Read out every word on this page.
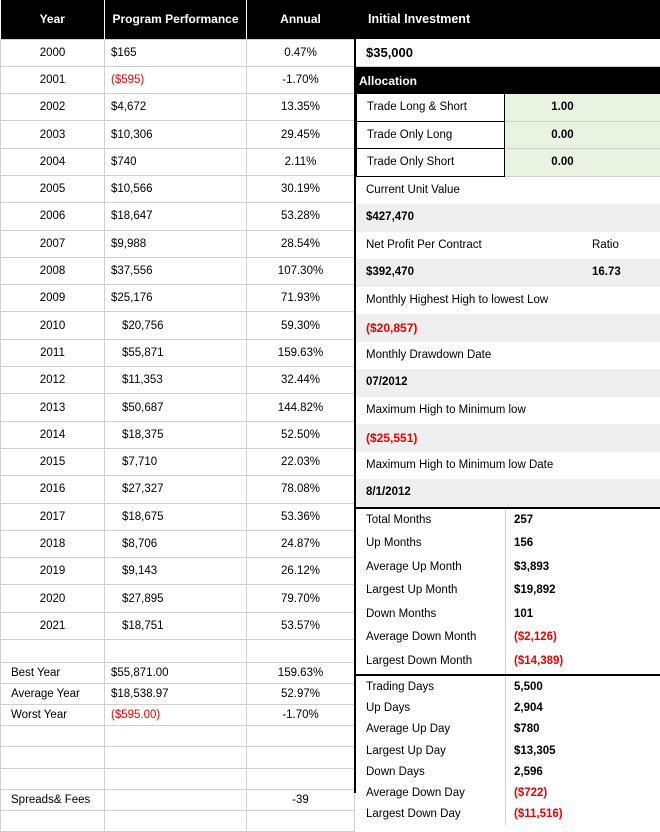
Year	Program Performance	Annual
2000	$165	0.47%
2001	($595)	-1.70%
2002	$4,672	13.35%
2003	$10,306	29.45%
2004	$740	2.11%
2005	$10,566	30.19%
2006	$18,647	53.28%
2007	$9,988	28.54%
2008	$37,556	107.30%
2009	$25,176	71.93%
2010	$20,756	59.30%
2011	$55,871	159.63%
2012	$11,353	32.44%
2013	$50,687	144.82%
2014	$18,375	52.50%
2015	$7,710	22.03%
2016	$27,327	78.08%
2017	$18,675	53.36%
2018	$8,706	24.87%
2019	$9,143	26.12%
2020	$27,895	79.70%
2021	$18,751	53.57%

Best Year	$55,871.00	159.63%
Average Year	$18,538.97	52.97%
Worst Year	($595.00)	-1.70%

Spreads& Fees		-39

Initial Investment
$35,000
Allocation
Trade Long & Short	1.00
Trade Only Long	0.00
Trade Only Short	0.00
Current Unit Value
$427,470
Net Profit Per Contract	Ratio
$392,470	16.73
Monthly Highest High to lowest Low
($20,857)
Monthly Drawdown Date
07/2012
Maximum High to Minimum low
($25,551)
Maximum High to Minimum low Date
8/1/2012
Total Months	257
Up Months	156
Average Up Month	$3,893
Largest Up Month	$19,892
Down Months	101
Average Down Month	($2,126)
Largest Down Month	($14,389)
Trading Days	5,500
Up Days	2,904
Average Up Day	$780
Largest Up Day	$13,305
Down Days	2,596
Average Down Day	($722)
Largest Down Day	($11,516)
